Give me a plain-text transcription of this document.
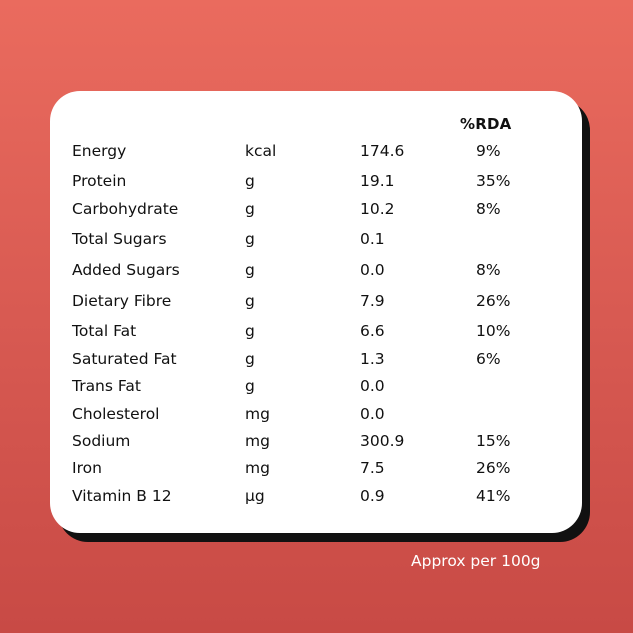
%RDA
Energy	kcal	174.6	9%
Protein	g	19.1	35%
Carbohydrate	g	10.2	8%
Total Sugars	g	0.1
Added Sugars	g	0.0	8%
Dietary Fibre	g	7.9	26%
Total Fat	g	6.6	10%
Saturated Fat	g	1.3	6%
Trans Fat	g	0.0
Cholesterol	mg	0.0
Sodium	mg	300.9	15%
Iron	mg	7.5	26%
Vitamin B 12	µg	0.9	41%
Approx per 100g
